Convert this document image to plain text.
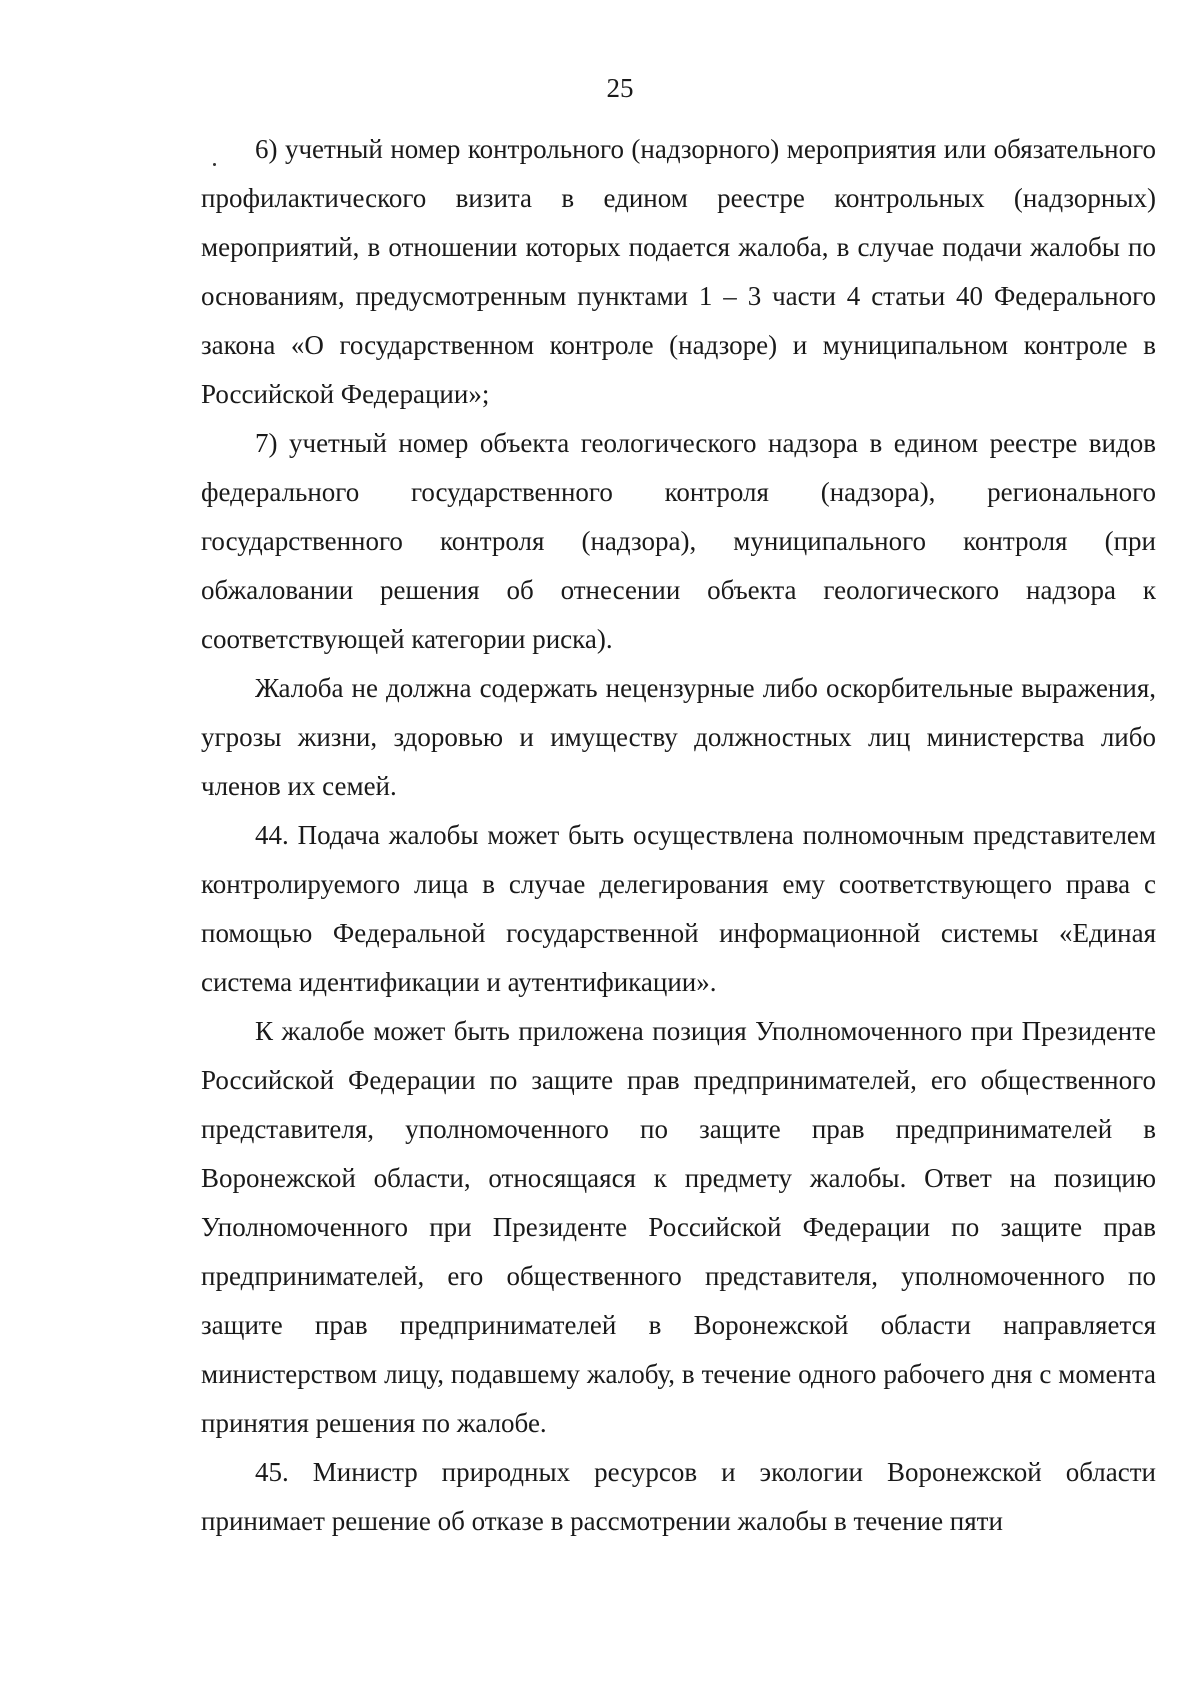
25

6) учетный номер контрольного (надзорного) мероприятия или обязательного профилактического визита в едином реестре контрольных (надзорных) мероприятий, в отношении которых подается жалоба, в случае подачи жалобы по основаниям, предусмотренным пунктами 1 – 3 части 4 статьи 40 Федерального закона «О государственном контроле (надзоре) и муниципальном контроле в Российской Федерации»;

7) учетный номер объекта геологического надзора в едином реестре видов федерального государственного контроля (надзора), регионального государственного контроля (надзора), муниципального контроля (при обжаловании решения об отнесении объекта геологического надзора к соответствующей категории риска).

Жалоба не должна содержать нецензурные либо оскорбительные выражения, угрозы жизни, здоровью и имуществу должностных лиц министерства либо членов их семей.

44. Подача жалобы может быть осуществлена полномочным представителем контролируемого лица в случае делегирования ему соответствующего права с помощью Федеральной государственной информационной системы «Единая система идентификации и аутентификации».

К жалобе может быть приложена позиция Уполномоченного при Президенте Российской Федерации по защите прав предпринимателей, его общественного представителя, уполномоченного по защите прав предпринимателей в Воронежской области, относящаяся к предмету жалобы. Ответ на позицию Уполномоченного при Президенте Российской Федерации по защите прав предпринимателей, его общественного представителя, уполномоченного по защите прав предпринимателей в Воронежской области направляется министерством лицу, подавшему жалобу, в течение одного рабочего дня с момента принятия решения по жалобе.

45. Министр природных ресурсов и экологии Воронежской области принимает решение об отказе в рассмотрении жалобы в течение пяти
